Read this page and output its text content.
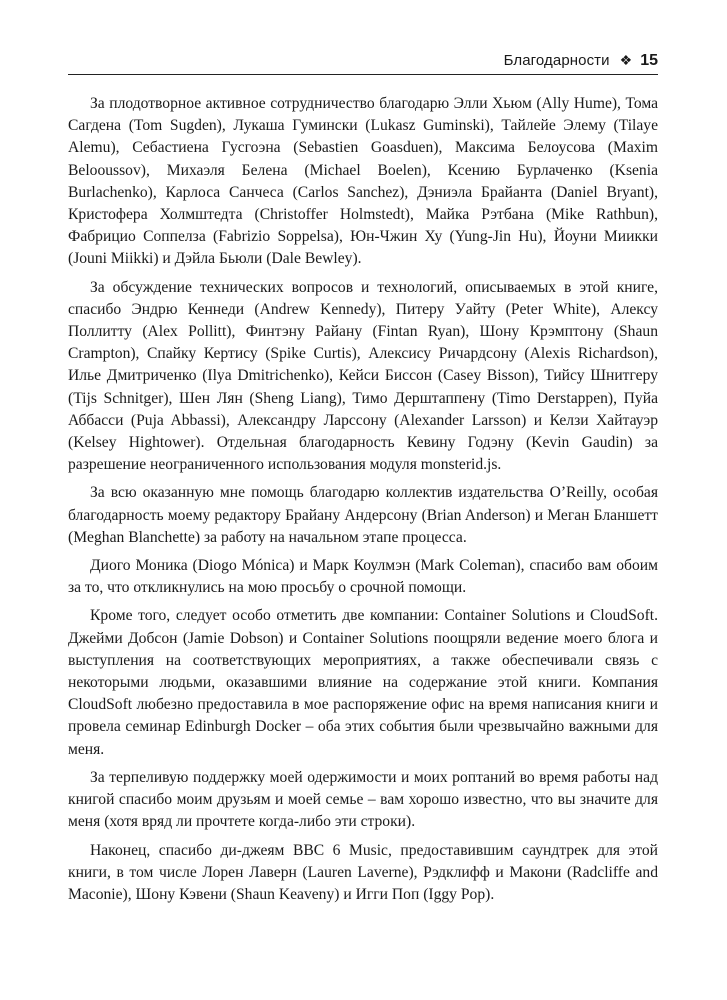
Благодарности ❖ 15

За плодотворное активное сотрудничество благодарю Элли Хьюм (Ally Hume), Тома Сагдена (Tom Sugden), Лукаша Гумински (Lukasz Guminski), Тайлейе Элему (Tilaye Alemu), Себастиена Гусгоэна (Sebastien Goasduen), Максима Белоусова (Maxim Belooussov), Михаэля Белена (Michael Boelen), Ксению Бурлаченко (Ksenia Burlachenko), Карлоса Санчеса (Carlos Sanchez), Дэниэла Брайанта (Daniel Bryant), Кристофера Холмштедта (Christoffer Holmstedt), Майка Рэтбана (Mike Rathbun), Фабрицио Соппелза (Fabrizio Soppelsa), Юн-Чжин Ху (Yung-Jin Hu), Йоуни Миикки (Jouni Miikki) и Дэйла Бьюли (Dale Bewley).

За обсуждение технических вопросов и технологий, описываемых в этой книге, спасибо Эндрю Кеннеди (Andrew Kennedy), Питеру Уайту (Peter White), Алексу Поллитту (Alex Pollitt), Финтэну Райану (Fintan Ryan), Шону Крэмптону (Shaun Crampton), Спайку Кертису (Spike Curtis), Алексису Ричардсону (Alexis Richardson), Илье Дмитриченко (Ilya Dmitrichenko), Кейси Биссон (Casey Bisson), Тийсу Шнитгеру (Tijs Schnitger), Шен Лян (Sheng Liang), Тимо Дерштаппену (Timo Derstappen), Пуйа Аббасси (Puja Abbassi), Александру Ларссону (Alexander Larsson) и Келзи Хайтауэр (Kelsey Hightower). Отдельная благодарность Кевину Годэну (Kevin Gaudin) за разрешение неограниченного использования модуля monsterid.js.

За всю оказанную мне помощь благодарю коллектив издательства O’Reilly, особая благодарность моему редактору Брайану Андерсону (Brian Anderson) и Меган Бланшетт (Meghan Blanchette) за работу на начальном этапе процесса.

Диого Моника (Diogo Mónica) и Марк Коулмэн (Mark Coleman), спасибо вам обоим за то, что откликнулись на мою просьбу о срочной помощи.

Кроме того, следует особо отметить две компании: Container Solutions и CloudSoft. Джейми Добсон (Jamie Dobson) и Container Solutions поощряли ведение моего блога и выступления на соответствующих мероприятиях, а также обеспечивали связь с некоторыми людьми, оказавшими влияние на содержание этой книги. Компания CloudSoft любезно предоставила в мое распоряжение офис на время написания книги и провела семинар Edinburgh Docker – оба этих события были чрезвычайно важными для меня.

За терпеливую поддержку моей одержимости и моих роптаний во время работы над книгой спасибо моим друзьям и моей семье – вам хорошо известно, что вы значите для меня (хотя вряд ли прочтете когда-либо эти строки).

Наконец, спасибо ди-джеям BBC 6 Music, предоставившим саундтрек для этой книги, в том числе Лорен Лаверн (Lauren Laverne), Рэдклифф и Макони (Radcliffe and Maconie), Шону Кэвени (Shaun Keaveny) и Игги Поп (Iggy Pop).
